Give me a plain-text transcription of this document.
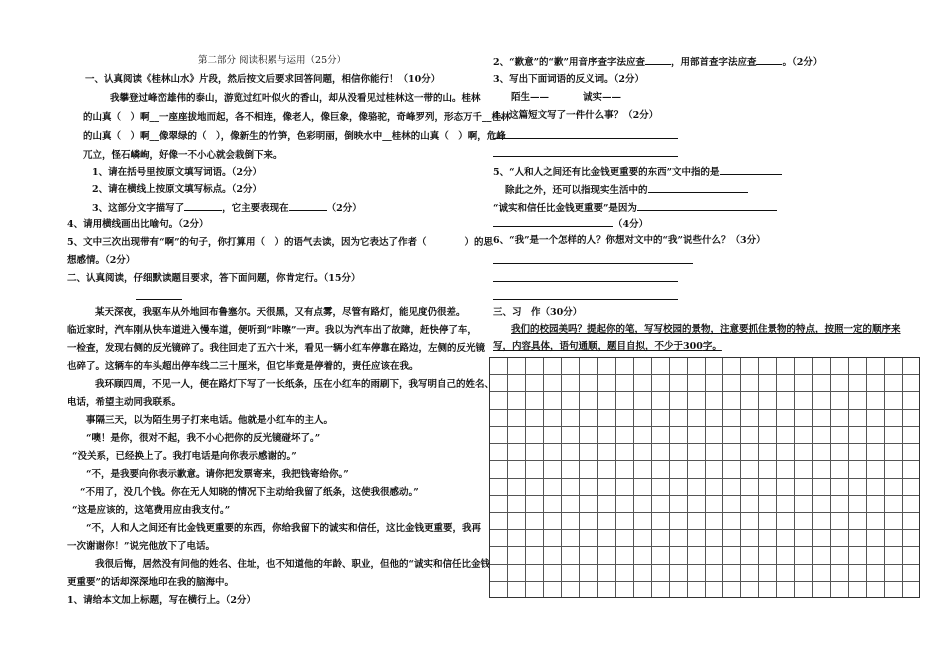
第二部分 阅读积累与运用（25分）
一、认真阅读《桂林山水》片段，然后按文后要求回答问题，相信你能行！（10分）
我攀登过峰峦雄伟的泰山，游览过红叶似火的香山，却从没看见过桂林这一带的山。桂林
的山真（　）啊__一座座拔地而起，各不相连，像老人，像巨象，像骆驼，奇峰罗列，形态万千__桂林
的山真（　）啊__像翠绿的（　），像新生的竹笋，色彩明丽，倒映水中__桂林的山真（　）啊，危峰
兀立，怪石嶙峋，好像一不小心就会栽倒下来。
1、请在括号里按原文填写词语。（2分）
2、请在横线上按原文填写标点。（2分）
3、这部分文字描写了	，它主要表现在	（2分）
4、请用横线画出比喻句。（2分）
5、文中三次出现带有“啊”的句子，你打算用（　）的语气去读，因为它表达了作者（　　　　）的思
想感情。（2分）
二、认真阅读，仔细默读题目要求，答下面问题，你肯定行。（15分）
某天深夜，我驱车从外地回布鲁塞尔。天很黑，又有点雾，尽管有路灯，能见度仍很差。
临近家时，汽车刚从快车道进入慢车道，便听到“咔嚓”一声。我以为汽车出了故障，赶快停了车，
一检查，发现右侧的反光镜碎了。我往回走了五六十米，看见一辆小红车停靠在路边，左侧的反光镜
也碎了。这辆车的车头超出停车线二三十厘米，但它毕竟是停着的，责任应该在我。
我环顾四周，不见一人，便在路灯下写了一长纸条，压在小红车的雨刷下，我写明自己的姓名、
电话，希望主动同我联系。
事隔三天，以为陌生男子打来电话。他就是小红车的主人。
“噢！是你，很对不起，我不小心把你的反光镜碰坏了。”
“没关系，已经换上了。我打电话是向你表示感谢的。”
“不，是我要向你表示歉意。请你把发票寄来，我把钱寄给你。”
“不用了，没几个钱。你在无人知晓的情况下主动给我留了纸条，这使我很感动。”
“这是应该的，这笔费用应由我支付。”
“不，人和人之间还有比金钱更重要的东西，你给我留下的诚实和信任，这比金钱更重要，我再
一次谢谢你！”说完他放下了电话。
我很后悔，居然没有问他的姓名、住址，也不知道他的年龄、职业，但他的“诚实和信任比金钱
更重要”的话却深深地印在我的脑海中。
1、请给本文加上标题，写在横行上。（2分）
2、“歉意”的“歉”用音序查字法应查	，用部首查字法应查	。（2分）
3、写出下面词语的反义词。（2分）
陌生——	诚实——
4、这篇短文写了一件什么事？（2分）
5、“人和人之间还有比金钱更重要的东西”文中指的是
除此之外，还可以指现实生活中的
“诚实和信任比金钱更重要”是因为
（4分）
6、“我”是一个怎样的人？你想对文中的“我”说些什么？（3分）
三、习　作（30分）
我们的校园美吗？提起你的笔，写写校园的景物，注意要抓住景物的特点，按照一定的顺序来
写，内容具体，语句通顺，题目自拟，不少于300字。
